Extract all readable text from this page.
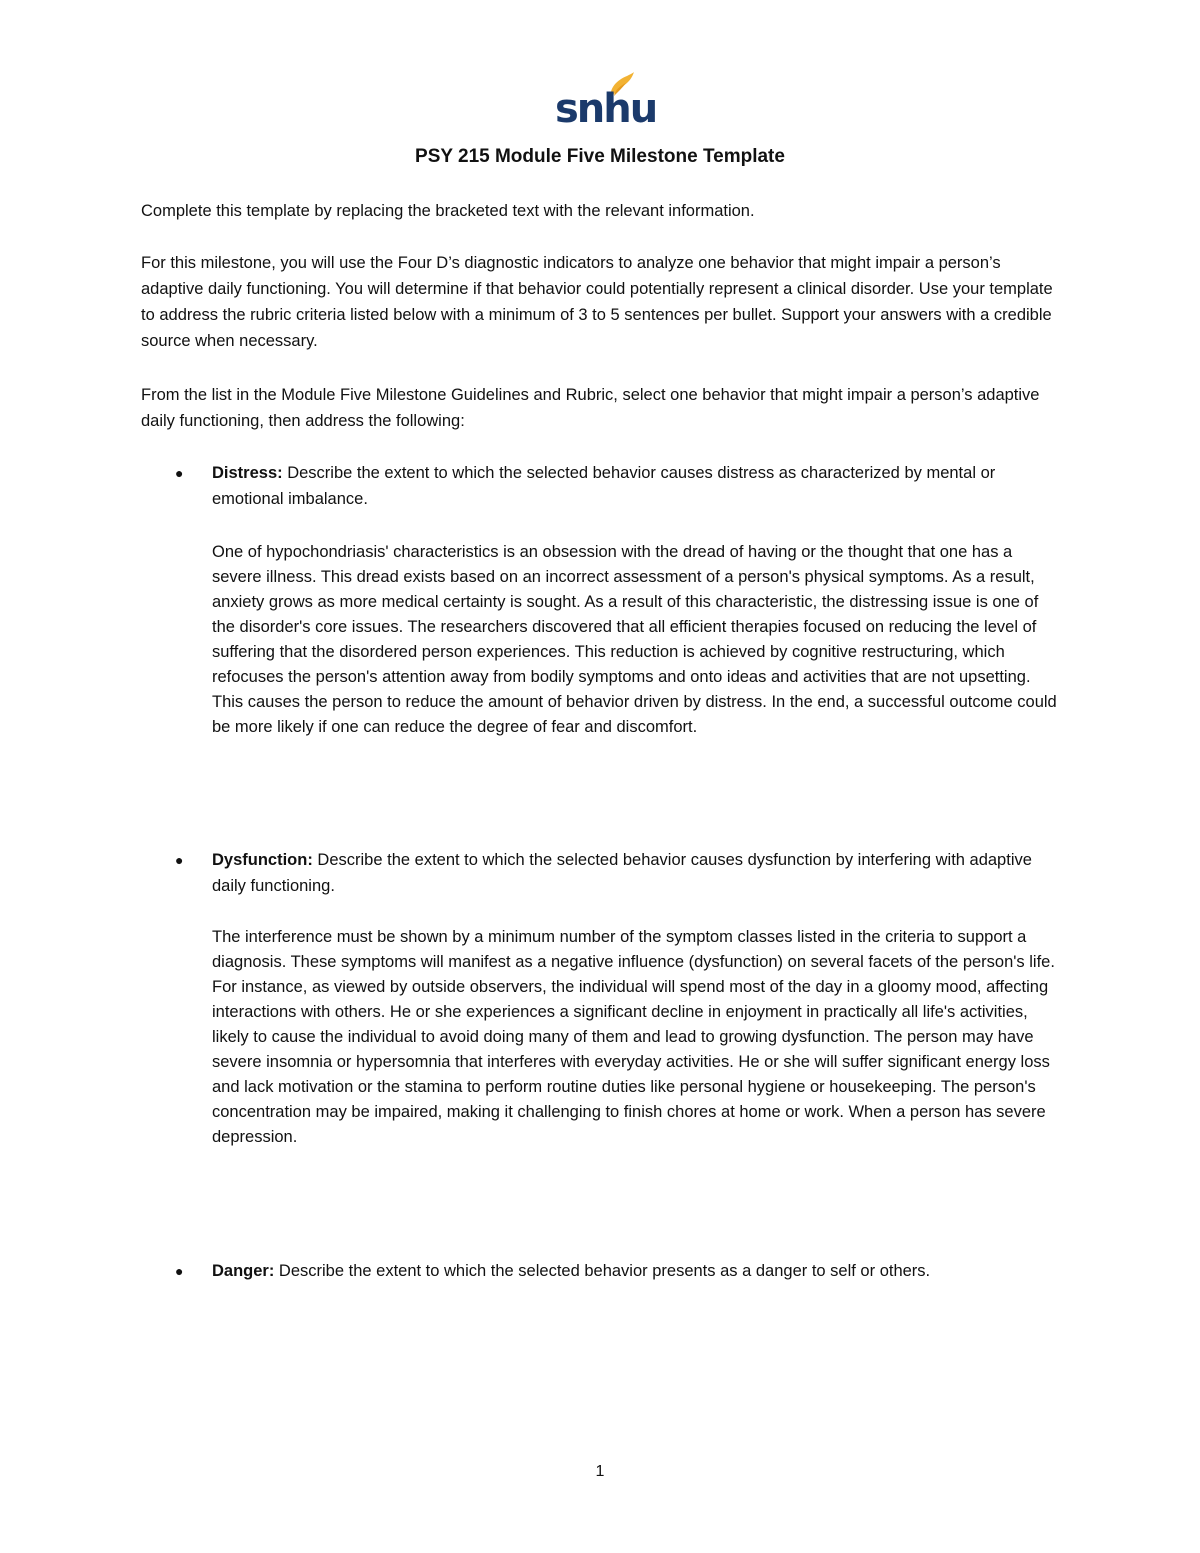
snhu
PSY 215 Module Five Milestone Template

Complete this template by replacing the bracketed text with the relevant information.

For this milestone, you will use the Four D’s diagnostic indicators to analyze one behavior that might impair a person’s adaptive daily functioning. You will determine if that behavior could potentially represent a clinical disorder. Use your template to address the rubric criteria listed below with a minimum of 3 to 5 sentences per bullet. Support your answers with a credible source when necessary.

From the list in the Module Five Milestone Guidelines and Rubric, select one behavior that might impair a person’s adaptive daily functioning, then address the following:

● Distress: Describe the extent to which the selected behavior causes distress as characterized by mental or emotional imbalance.

One of hypochondriasis' characteristics is an obsession with the dread of having or the thought that one has a severe illness. This dread exists based on an incorrect assessment of a person's physical symptoms. As a result, anxiety grows as more medical certainty is sought. As a result of this characteristic, the distressing issue is one of the disorder's core issues. The researchers discovered that all efficient therapies focused on reducing the level of suffering that the disordered person experiences. This reduction is achieved by cognitive restructuring, which refocuses the person's attention away from bodily symptoms and onto ideas and activities that are not upsetting. This causes the person to reduce the amount of behavior driven by distress. In the end, a successful outcome could be more likely if one can reduce the degree of fear and discomfort.

● Dysfunction: Describe the extent to which the selected behavior causes dysfunction by interfering with adaptive daily functioning.

The interference must be shown by a minimum number of the symptom classes listed in the criteria to support a diagnosis. These symptoms will manifest as a negative influence (dysfunction) on several facets of the person's life. For instance, as viewed by outside observers, the individual will spend most of the day in a gloomy mood, affecting interactions with others. He or she experiences a significant decline in enjoyment in practically all life's activities, likely to cause the individual to avoid doing many of them and lead to growing dysfunction. The person may have severe insomnia or hypersomnia that interferes with everyday activities. He or she will suffer significant energy loss and lack motivation or the stamina to perform routine duties like personal hygiene or housekeeping. The person's concentration may be impaired, making it challenging to finish chores at home or work. When a person has severe depression.

● Danger: Describe the extent to which the selected behavior presents as a danger to self or others.

1
